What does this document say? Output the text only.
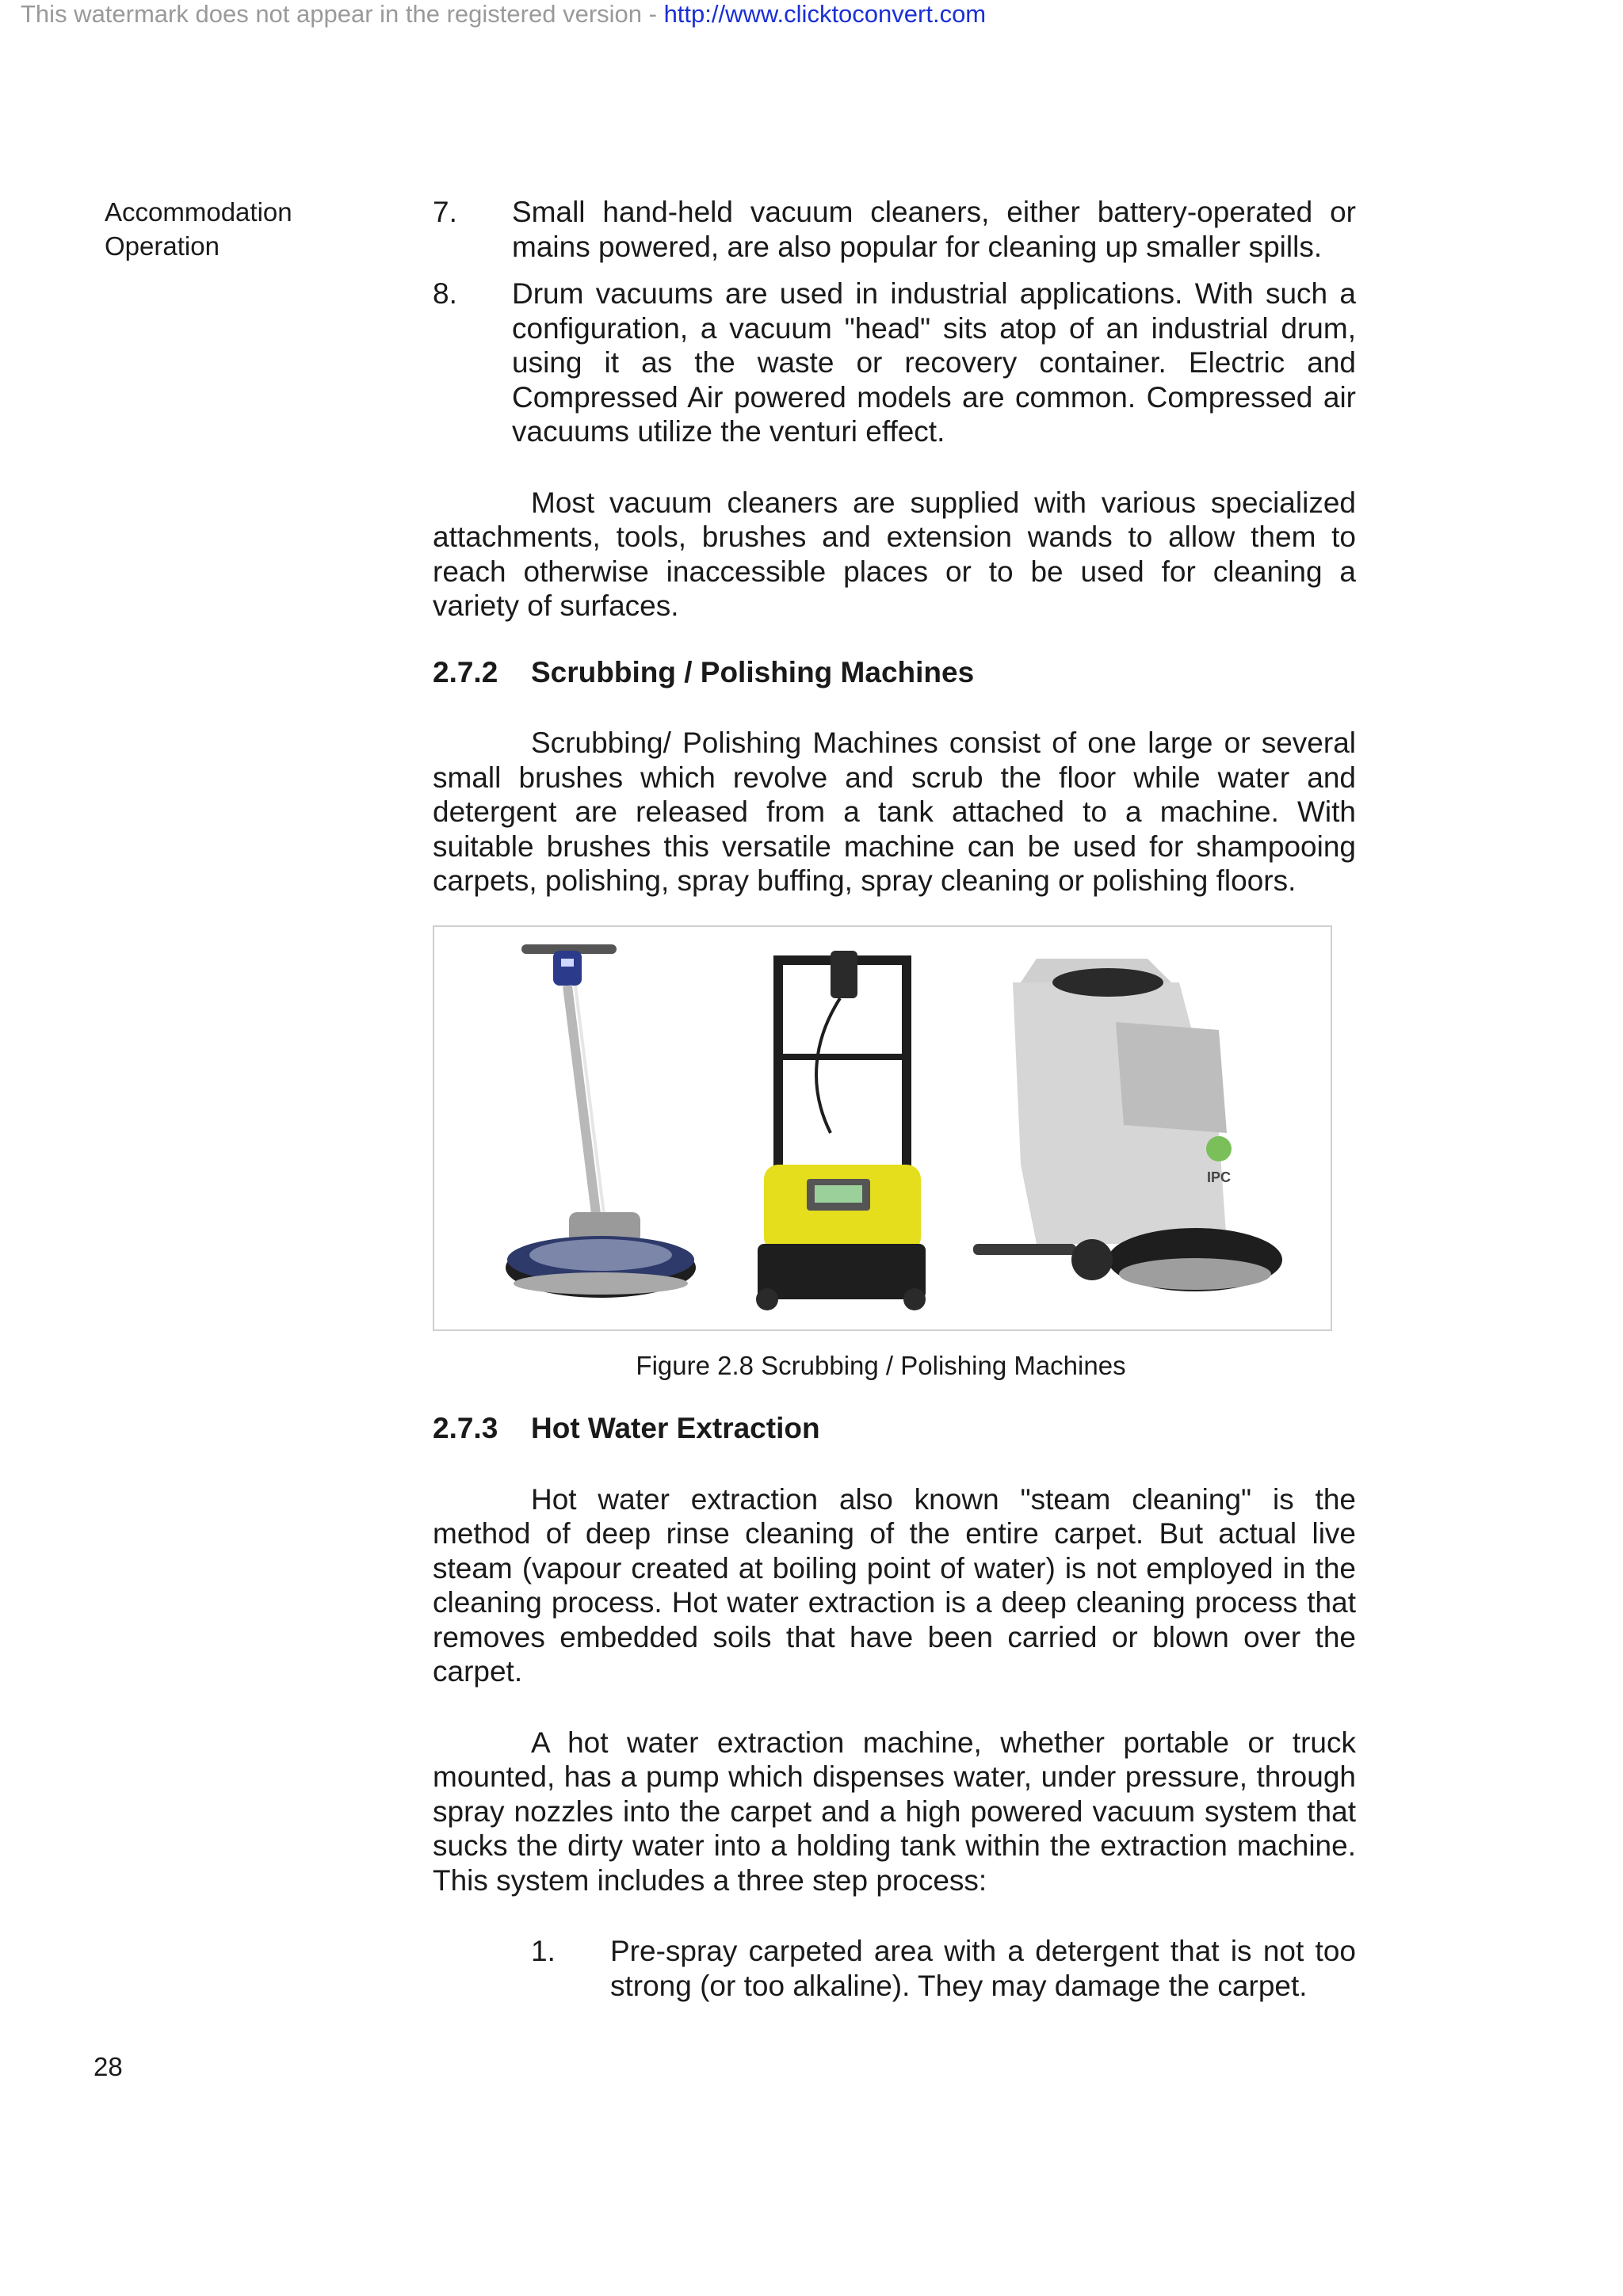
This watermark does not appear in the registered version - http://www.clicktoconvert.com
Accommodation
Operation
7.	Small hand-held vacuum cleaners, either battery-operated or mains powered, are also popular for cleaning up smaller spills.
8.	Drum vacuums are used in industrial applications. With such a configuration, a vacuum "head" sits atop of an industrial drum, using it as the waste or recovery container. Electric and Compressed Air powered models are common. Compressed air vacuums utilize the venturi effect.

Most vacuum cleaners are supplied with various specialized attachments, tools, brushes and extension wands to allow them to reach otherwise inaccessible places or to be used for cleaning a variety of surfaces.

2.7.2	Scrubbing / Polishing Machines

Scrubbing/ Polishing Machines consist of one large or several small brushes which revolve and scrub the floor while water and detergent are released from a tank attached to a machine. With suitable brushes this versatile machine can be used for shampooing carpets, polishing, spray buffing, spray cleaning or polishing floors.

IPC
Figure 2.8 Scrubbing / Polishing Machines
2.7.3	Hot Water Extraction

Hot water extraction also known "steam cleaning" is the method of deep rinse cleaning of the entire carpet. But actual live steam (vapour created at boiling point of water) is not employed in the cleaning process. Hot water extraction is a deep cleaning process that removes embedded soils that have been carried or blown over the carpet.

A hot water extraction machine, whether portable or truck mounted, has a pump which dispenses water, under pressure, through spray nozzles into the carpet and a high powered vacuum system that sucks the dirty water into a holding tank within the extraction machine. This system includes a three step process:

1.	Pre-spray carpeted area with a detergent that is not too strong (or too alkaline). They may damage the carpet.
28
